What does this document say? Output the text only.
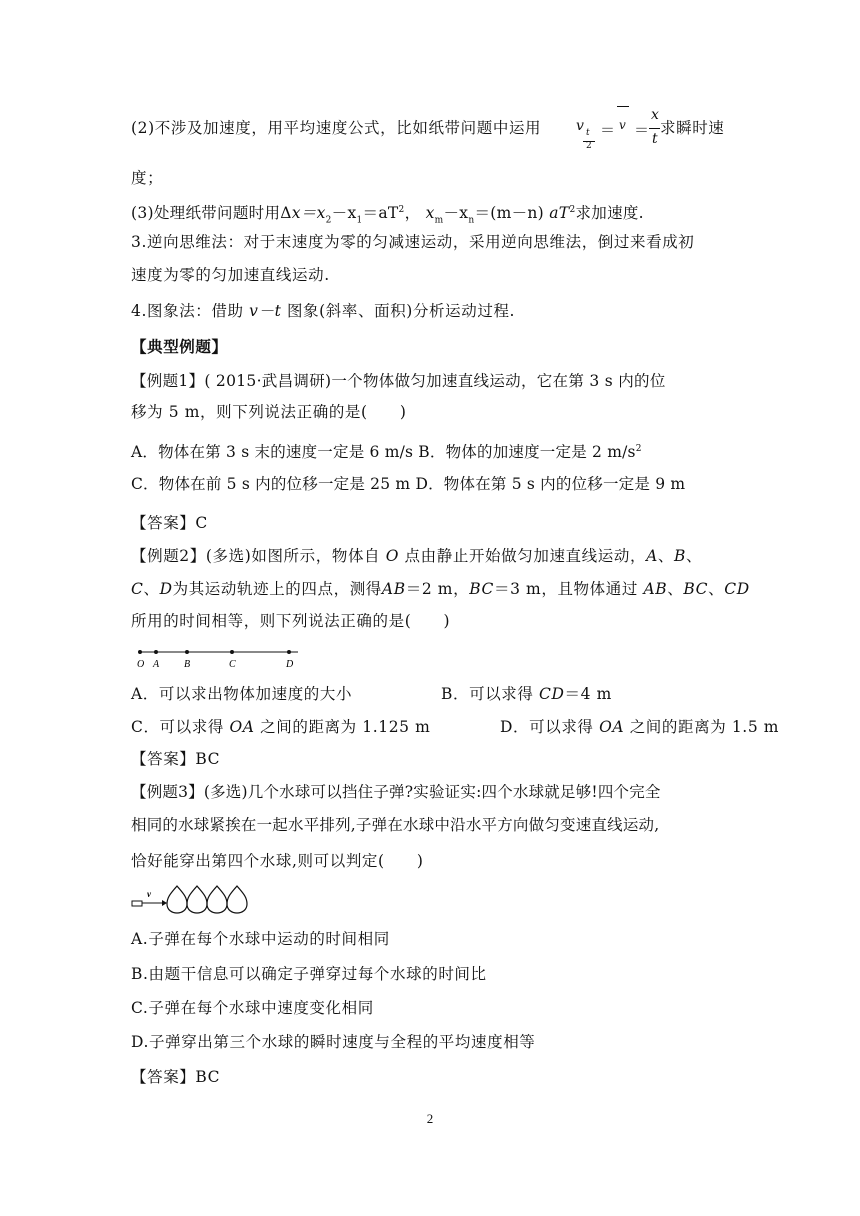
(2)不涉及加速度，用平均速度公式，比如纸带问题中运用 v t
2
＝ v ＝
x
t
求瞬时速
度；
(3)处理纸带问题时用$\Delta x=x_2-x_1=aT^2$， $x_m-x_n=(m-n)$ $aT^2$求加速度.
3.逆向思维法：对于末速度为零的匀减速运动，采用逆向思维法，倒过来看成初
速度为零的匀加速直线运动.
4.图象法：借助 v－t 图象(斜率、面积)分析运动过程.
【典型例题】
【例题1】( 2015·武昌调研)一个物体做匀加速直线运动，它在第 3 s 内的位
移为 5 m，则下列说法正确的是(　　)
A．物体在第 3 s 末的速度一定是 6 m/s B．物体的加速度一定是 2 $m/s^2$
C．物体在前 5 s 内的位移一定是 25 m D．物体在第 5 s 内的位移一定是 9 m
【答案】C
【例题2】(多选)如图所示，物体自 O 点由静止开始做匀加速直线运动，A、B、
C、D为其运动轨迹上的四点，测得AB＝2 m，BC＝3 m，且物体通过 AB、BC、CD
所用的时间相等，则下列说法正确的是(　　)
O A B	C	D
A．可以求出物体加速度的大小	B．可以求得 CD＝4 m
C．可以求得 OA 之间的距离为 1.125 m	D．可以求得 OA 之间的距离为 1.5 m
【答案】BC
【例题3】(多选)几个水球可以挡住子弹?实验证实:四个水球就足够!四个完全
相同的水球紧挨在一起水平排列,子弹在水球中沿水平方向做匀变速直线运动,
恰好能穿出第四个水球,则可以判定(　　)
v
A.子弹在每个水球中运动的时间相同
B.由题干信息可以确定子弹穿过每个水球的时间比
C.子弹在每个水球中速度变化相同
D.子弹穿出第三个水球的瞬时速度与全程的平均速度相等
【答案】BC
2
